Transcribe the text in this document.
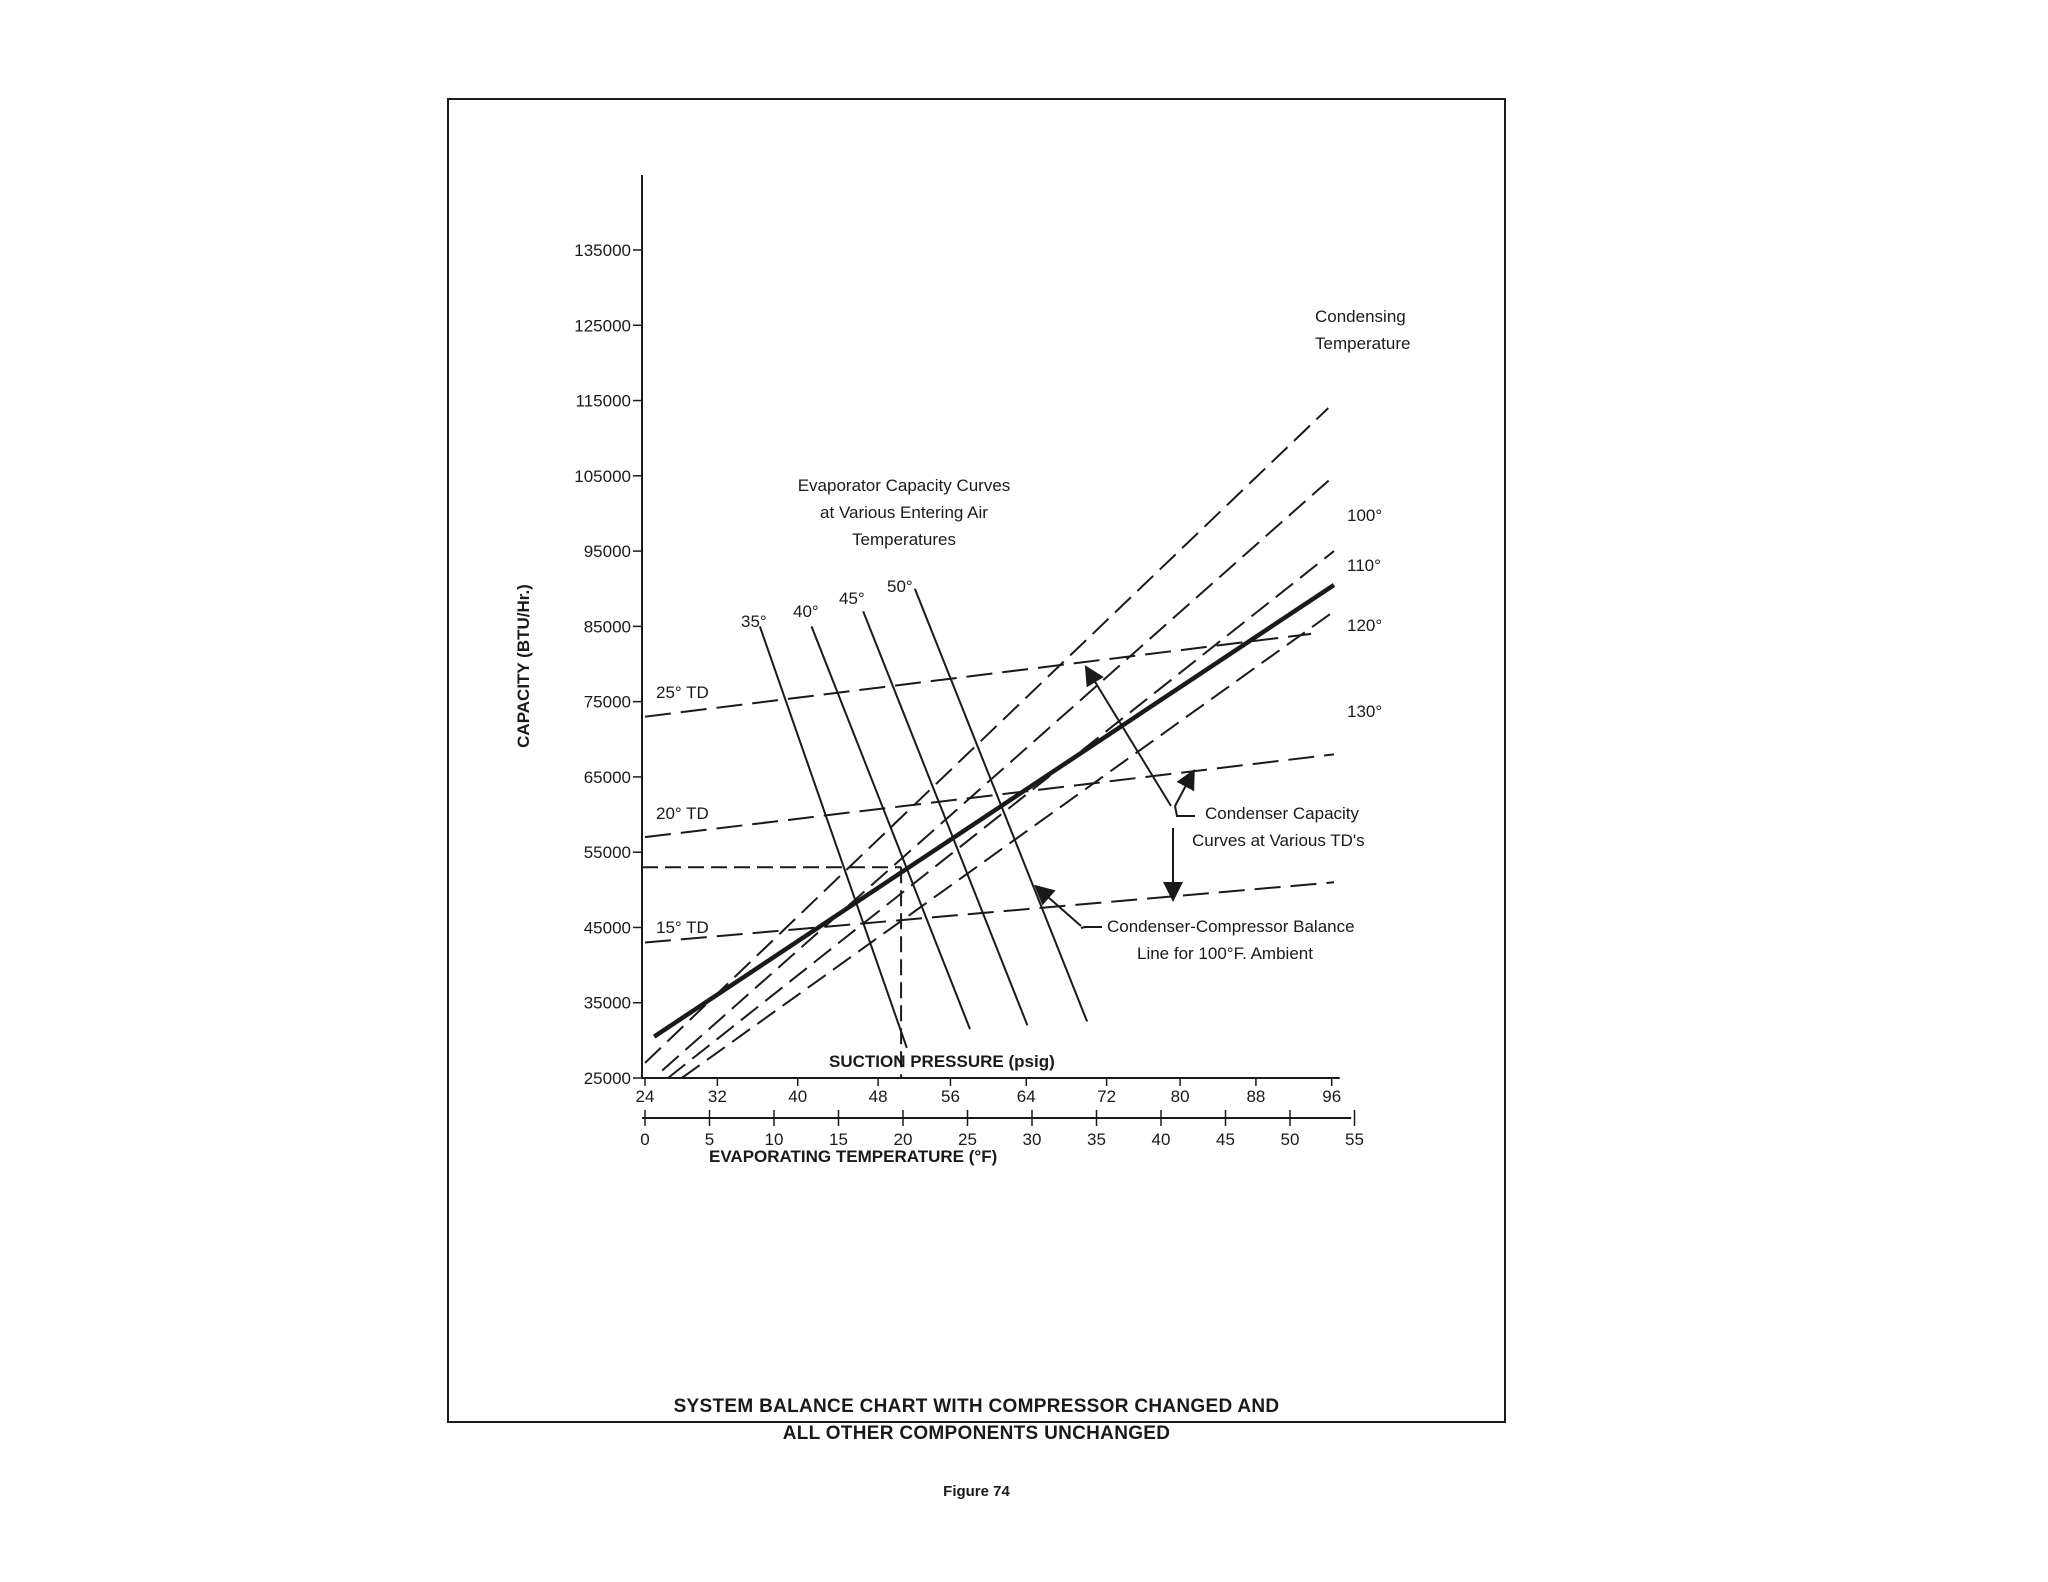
135000
125000
115000
105000
95000
85000
75000
65000
55000
45000
35000
25000
24	32	40	48	56	64	72	80	88	96
0	5	10	15	20	25	30	35	40	45	50	55
EVAPORATING TEMPERATURE (°F)
SUCTION PRESSURE (psig)
CAPACITY (BTU/Hr.)
100°
110°
120°
130°
Condensing
Temperature
35°
40°
45°
50°
Evaporator Capacity Curves
at Various Entering Air
Temperatures
25° TD
20° TD
15° TD
Condenser Capacity
Curves at Various TD's
Condenser-Compressor Balance
Line for 100°F. Ambient
SYSTEM BALANCE CHART WITH COMPRESSOR CHANGED AND
ALL OTHER COMPONENTS UNCHANGED
Figure 74
